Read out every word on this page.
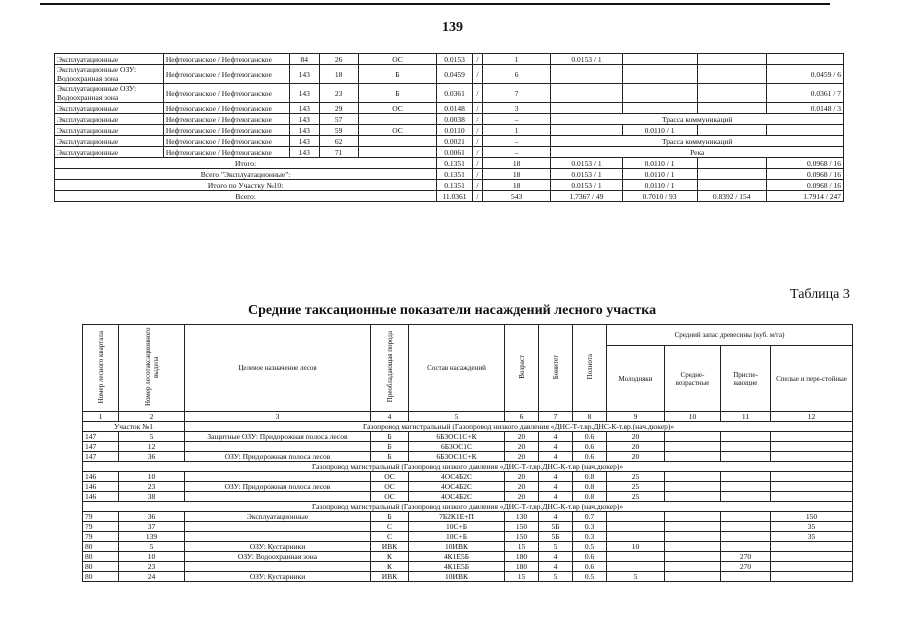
139
Эксплуатационные	Нефтеюганское / Нефтеюганское	84	26	ОС	0.0153	/	1	0.0153 / 1			
Эксплуатационные ОЗУ: Водоохранная зона	Нефтеюганское / Нефтеюганское	143	18	Б	0.0459	/	6				0.0459 / 6
Эксплуатационные ОЗУ: Водоохранная зона	Нефтеюганское / Нефтеюганское	143	23	Б	0.0361	/	7				0.0361 / 7
Эксплуатационные	Нефтеюганское / Нефтеюганское	143	29	ОС	0.0148	/	3				0.0148 / 3
Эксплуатационные	Нефтеюганское / Нефтеюганское	143	57		0.0038	/	–	Трасса коммуникаций			
Эксплуатационные	Нефтеюганское / Нефтеюганское	143	59	ОС	0.0110	/	1		0.0110 / 1		
Эксплуатационные	Нефтеюганское / Нефтеюганское	143	62		0.0021	/	–	Трасса коммуникаций			
Эксплуатационные	Нефтеюганское / Нефтеюганское	143	71		0.0061	/	–	Река			
Итого:					0.1351	/	18	0.0153 / 1	0.0110 / 1		0.0968 / 16
Всего "Эксплуатационные":					0.1351	/	18	0.0153 / 1	0.0110 / 1		0.0968 / 16
Итого по Участку №10:					0.1351	/	18	0.0153 / 1	0.0110 / 1		0.0968 / 16
Всего:					11.0361	/	543	1.7367 / 49	0.7010 / 93	0.8392 / 154	1.7914 / 247
Таблица 3
Средние таксационные показатели насаждений лесного участка
Номер лесного квартала	Номер лесотаксационного выдела	Целевое назначение лесов	Преобладающая порода	Состав насаждений	Возраст	Бонитет	Полнота	Средний запас древесины (куб. м/га)			
								Молодняки	Средне-возрастные	Приспе-вающие	Спелые и пере-стойные
1	2	3	4	5	6	7	8	9	10	11	12
Участок №1		Газопровод магистральный (Газопровод низкого давления «ДНС-Т-т.вр.ДНС-К-т.вр.(нач.дюкер)»									
147	5	Защитные ОЗУ: Придорожная полоса лесов	Б	6Б3ОС1С+К	20	4	0.6	20			
147	12		Б	6Б3ОС1С	20	4	0.6	20			
147	36	ОЗУ: Придорожная полоса лесов	Б	6Б3ОС1С+К	20	4	0.6	20			
Газопровод магистральный (Газопровод низкого давления «ДНС-Т-т.вр.ДНС-К-т.вр (нач.дюкер)»											
146	10		ОС	4ОС4Б2С	20	4	0.8	25			
146	23	ОЗУ: Придорожная полоса лесов	ОС	4ОС4Б2С	20	4	0.8	25			
146	38		ОС	4ОС4Б2С	20	4	0.8	25			
Газопровод магистральный (Газопровод низкого давления «ДНС-Т-т.вр.ДНС-К-т.вр (нач.дюкер)»											
79	36	Эксплуатационные	Б	7Б2К1Е+П	130	4	0.7				150
79	37		С	10С+Б	150	5Б	0.3				35
79	139		С	10С+Б	150	5Б	0.3				35
80	5	ОЗУ: Кустарники	ИВК	10ИВК	15	5	0.5	10			
80	10	ОЗУ: Водоохранная зона	К	4К1Е5Б	180	4	0.6			270	
80	23		К	4К1Е5Б	180	4	0.6			270	
80	24	ОЗУ: Кустарники	ИВК	10ИВК	15	5	0.5	5			
